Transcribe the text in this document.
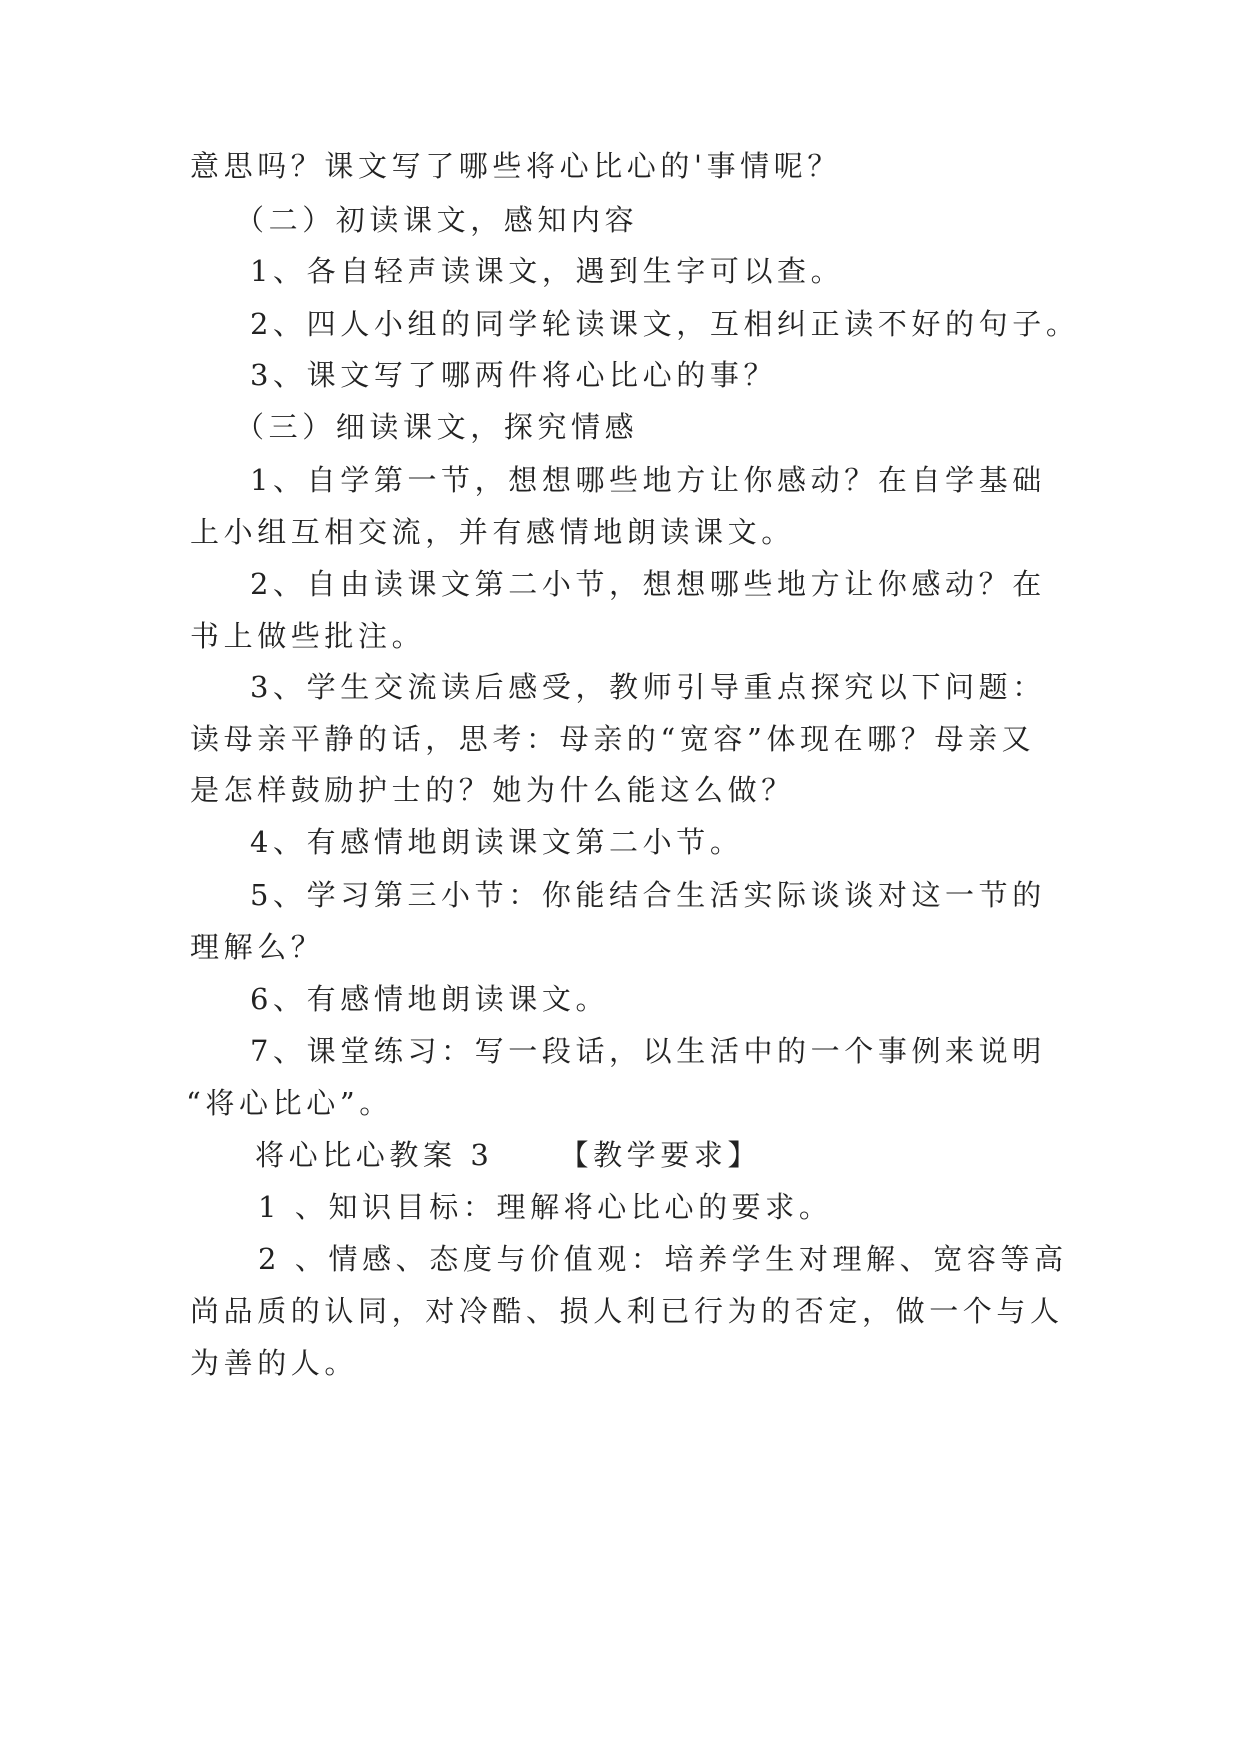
意思吗？课文写了哪些将心比心的'事情呢？
（二）初读课文，感知内容
1、各自轻声读课文，遇到生字可以查。
2、四人小组的同学轮读课文，互相纠正读不好的句子。
3、课文写了哪两件将心比心的事？
（三）细读课文，探究情感
1、自学第一节，想想哪些地方让你感动？在自学基础
上小组互相交流，并有感情地朗读课文。
2、自由读课文第二小节，想想哪些地方让你感动？在
书上做些批注。
3、学生交流读后感受，教师引导重点探究以下问题：
读母亲平静的话，思考：母亲的“宽容”体现在哪？母亲又
是怎样鼓励护士的？她为什么能这么做？
4、有感情地朗读课文第二小节。
5、学习第三小节：你能结合生活实际谈谈对这一节的
理解么？
6、有感情地朗读课文。
7、课堂练习：写一段话，以生活中的一个事例来说明
“将心比心”。
将心比心教案 3 【教学要求】
1 、知识目标：理解将心比心的要求。
2 、情感、态度与价值观：培养学生对理解、宽容等高
尚品质的认同，对冷酷、损人利已行为的否定，做一个与人
为善的人。
